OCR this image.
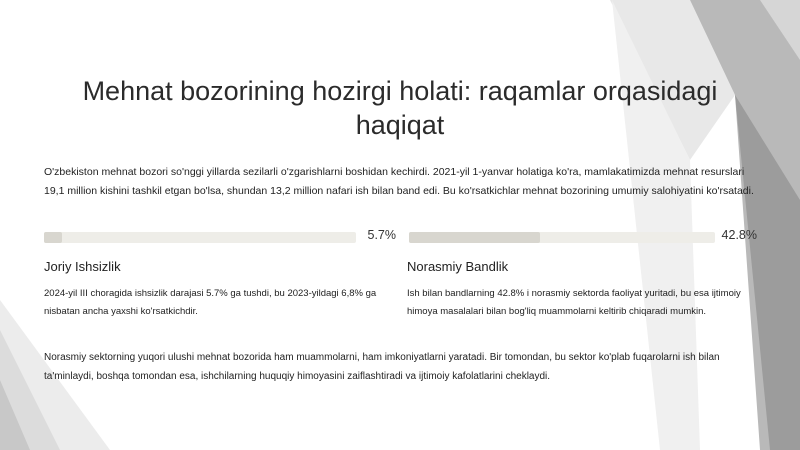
Mehnat bozorining hozirgi holati: raqamlar orqasidagi haqiqat

O'zbekiston mehnat bozori so'nggi yillarda sezilarli o'zgarishlarni boshidan kechirdi. 2021-yil 1-yanvar holatiga ko'ra, mamlakatimizda mehnat resurslari 19,1 million kishini tashkil etgan bo'lsa, shundan 13,2 million nafari ish bilan band edi. Bu ko'rsatkichlar mehnat bozorining umumiy salohiyatini ko'rsatadi.

5.7%	42.8%
Joriy Ishsizlik	Norasmiy Bandlik

2024-yil III choragida ishsizlik darajasi 5.7% ga tushdi, bu 2023-yildagi 6,8% ga nisbatan ancha yaxshi ko'rsatkichdir.

Ish bilan bandlarning 42.8% i norasmiy sektorda faoliyat yuritadi, bu esa ijtimoiy himoya masalalari bilan bog'liq muammolarni keltirib chiqaradi mumkin.

Norasmiy sektorning yuqori ulushi mehnat bozorida ham muammolarni, ham imkoniyatlarni yaratadi. Bir tomondan, bu sektor ko'plab fuqarolarni ish bilan ta'minlaydi, boshqa tomondan esa, ishchilarning huquqiy himoyasini zaiflashtiradi va ijtimoiy kafolatlarini cheklaydi.
